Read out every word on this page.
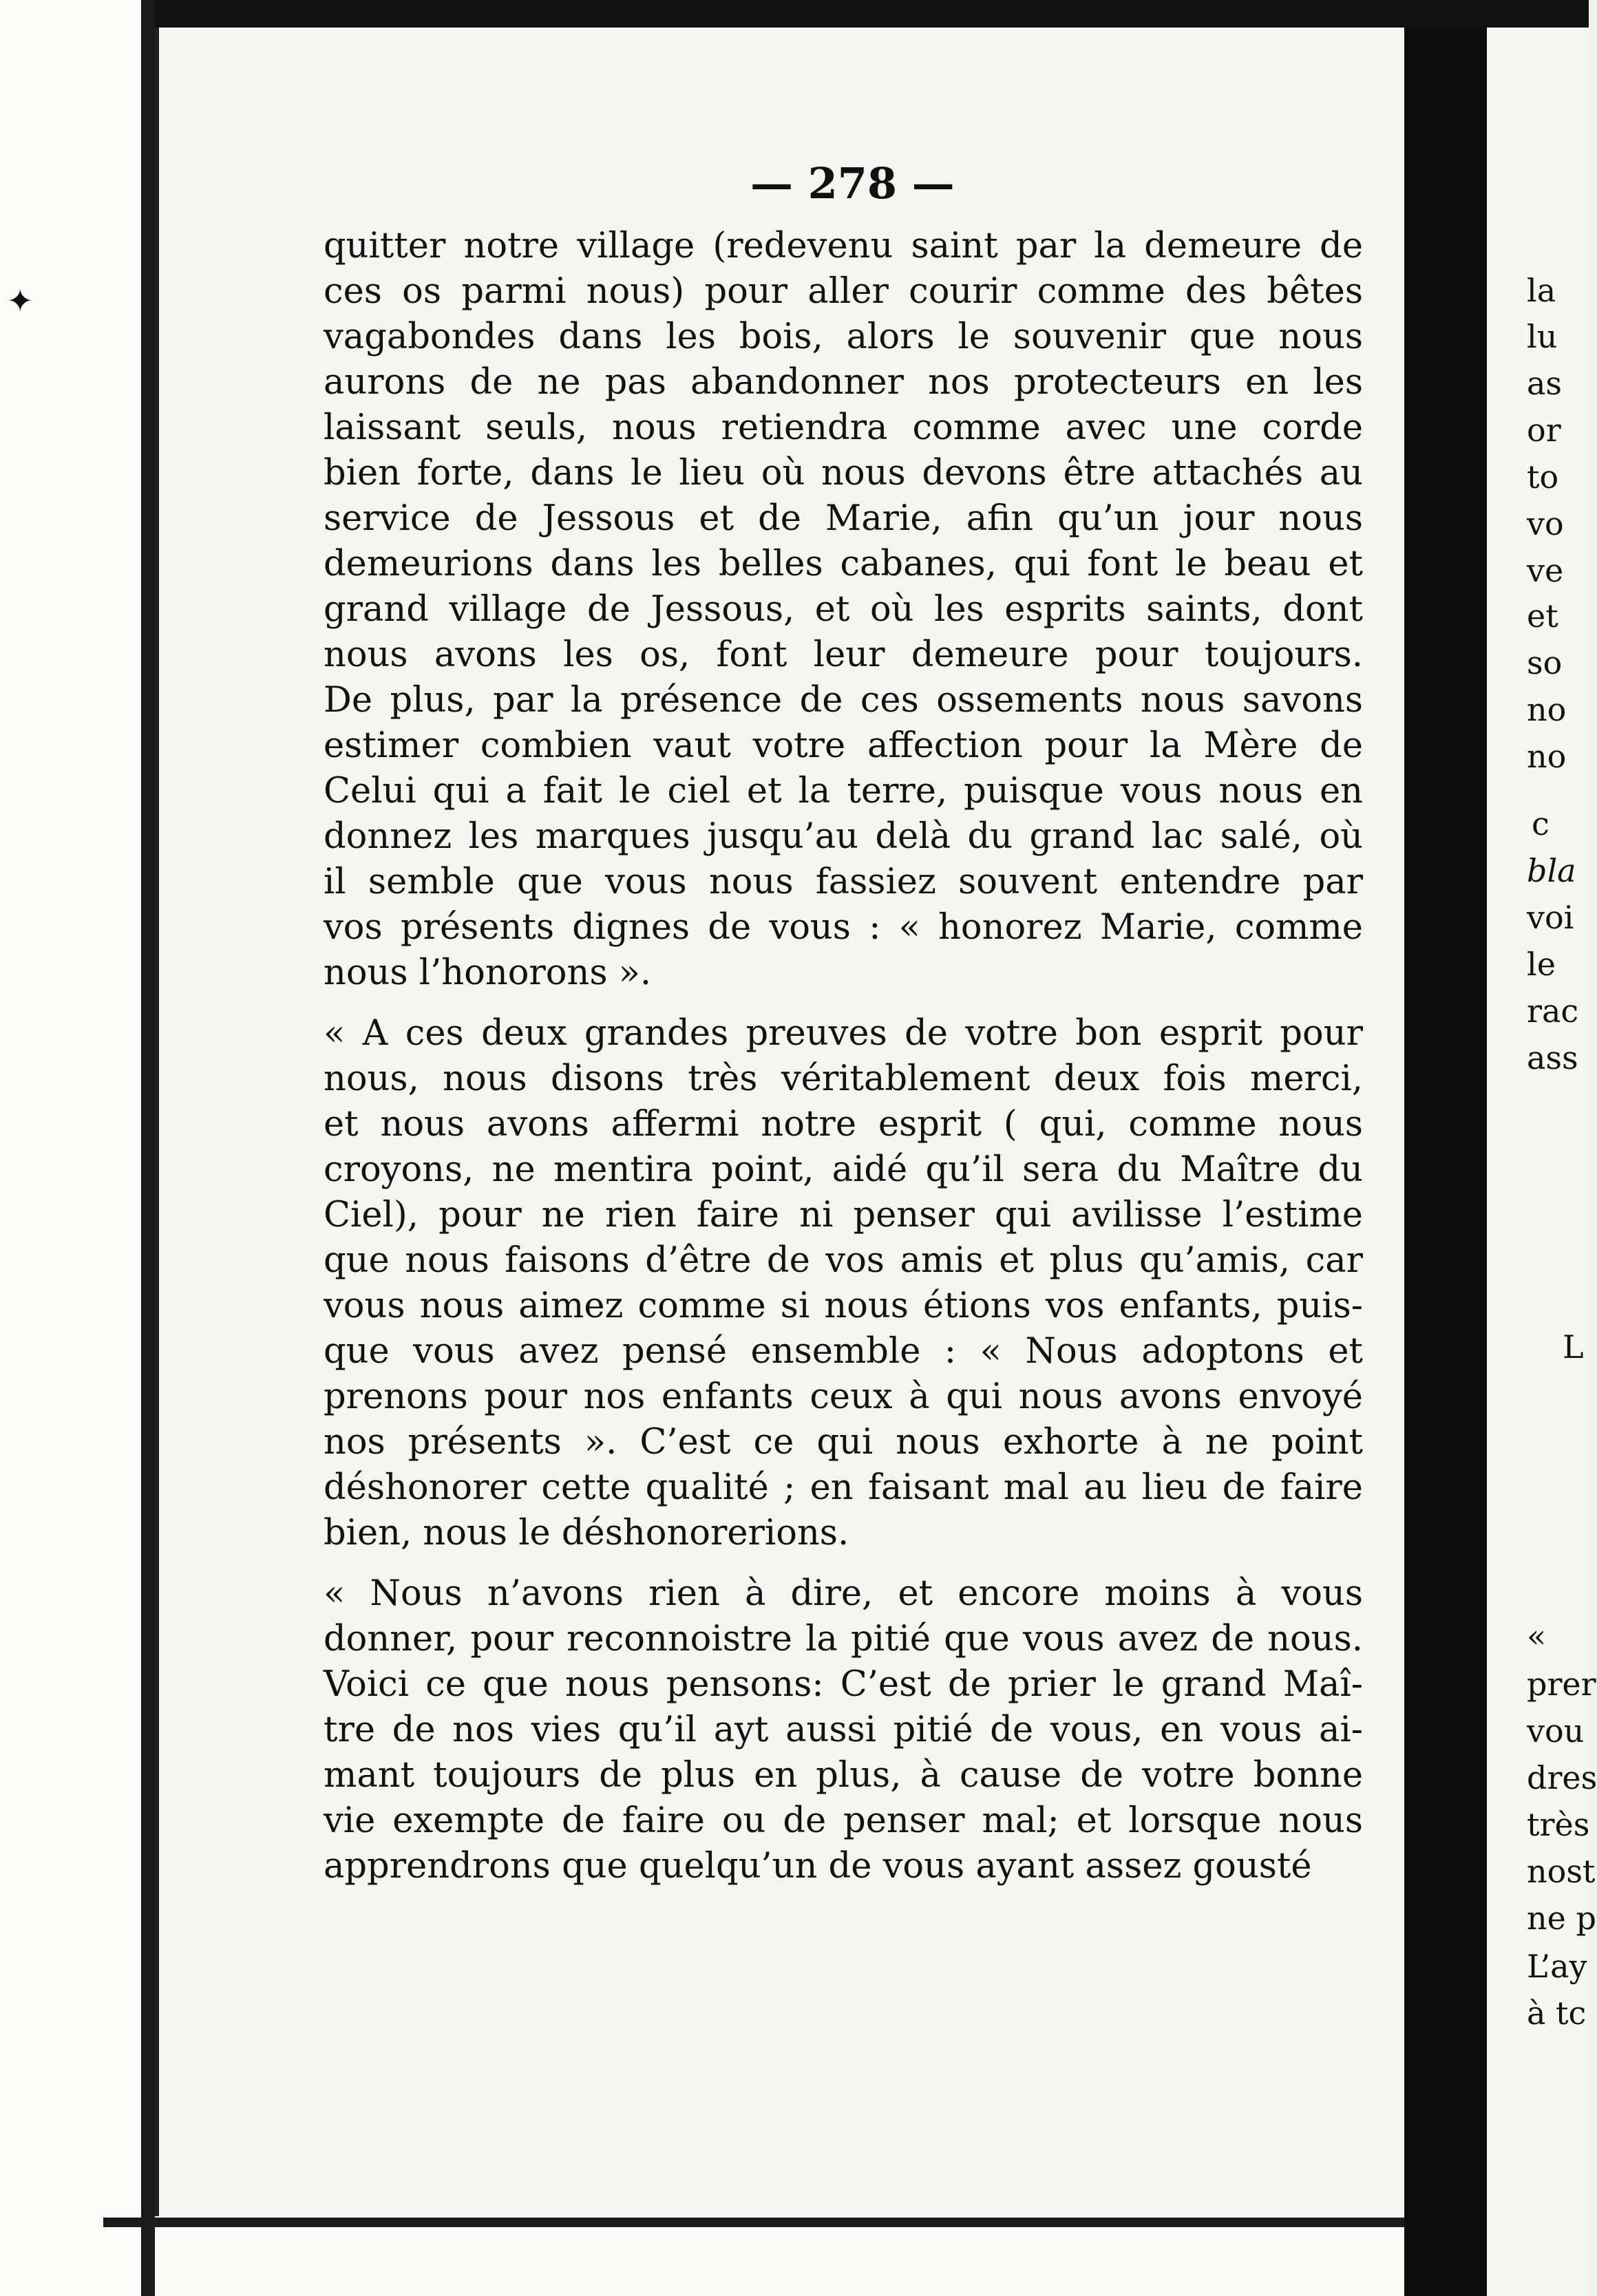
✦
— 278 —

quitter notre village (redevenu saint par la demeure de
ces os parmi nous) pour aller courir comme des bêtes
vagabondes dans les bois, alors le souvenir que nous
aurons de ne pas abandonner nos protecteurs en les
laissant seuls, nous retiendra comme avec une corde
bien forte, dans le lieu où nous devons être attachés au
service de Jessous et de Marie, afin qu’un jour nous
demeurions dans les belles cabanes, qui font le beau et
grand village de Jessous, et où les esprits saints, dont
nous avons les os, font leur demeure pour toujours.
De plus, par la présence de ces ossements nous savons
estimer combien vaut votre affection pour la Mère de
Celui qui a fait le ciel et la terre, puisque vous nous en
donnez les marques jusqu’au delà du grand lac salé, où
il semble que vous nous fassiez souvent entendre par
vos présents dignes de vous : « honorez Marie, comme
nous l’honorons ».

« A ces deux grandes preuves de votre bon esprit pour
nous, nous disons très véritablement deux fois merci,
et nous avons affermi notre esprit ( qui, comme nous
croyons, ne mentira point, aidé qu’il sera du Maître du
Ciel), pour ne rien faire ni penser qui avilisse l’estime
que nous faisons d’être de vos amis et plus qu’amis, car
vous nous aimez comme si nous étions vos enfants, puis-
que vous avez pensé ensemble : « Nous adoptons et
prenons pour nos enfants ceux à qui nous avons envoyé
nos présents ». C’est ce qui nous exhorte à ne point
déshonorer cette qualité ; en faisant mal au lieu de faire
bien, nous le déshonorerions.

« Nous n’avons rien à dire, et encore moins à vous
donner, pour reconnoistre la pitié que vous avez de nous.
Voici ce que nous pensons: C’est de prier le grand Maî-
tre de nos vies qu’il ayt aussi pitié de vous, en vous ai-
mant toujours de plus en plus, à cause de votre bonne
vie exempte de faire ou de penser mal; et lorsque nous
apprendrons que quelqu’un de vous ayant assez gousté

la
lu
as
or
to
vo
ve
et
so
no
no
c
bla
voi
le
rac
ass
L
«
prer
vou
dres
très
nost
ne p
L’ay
à tc
